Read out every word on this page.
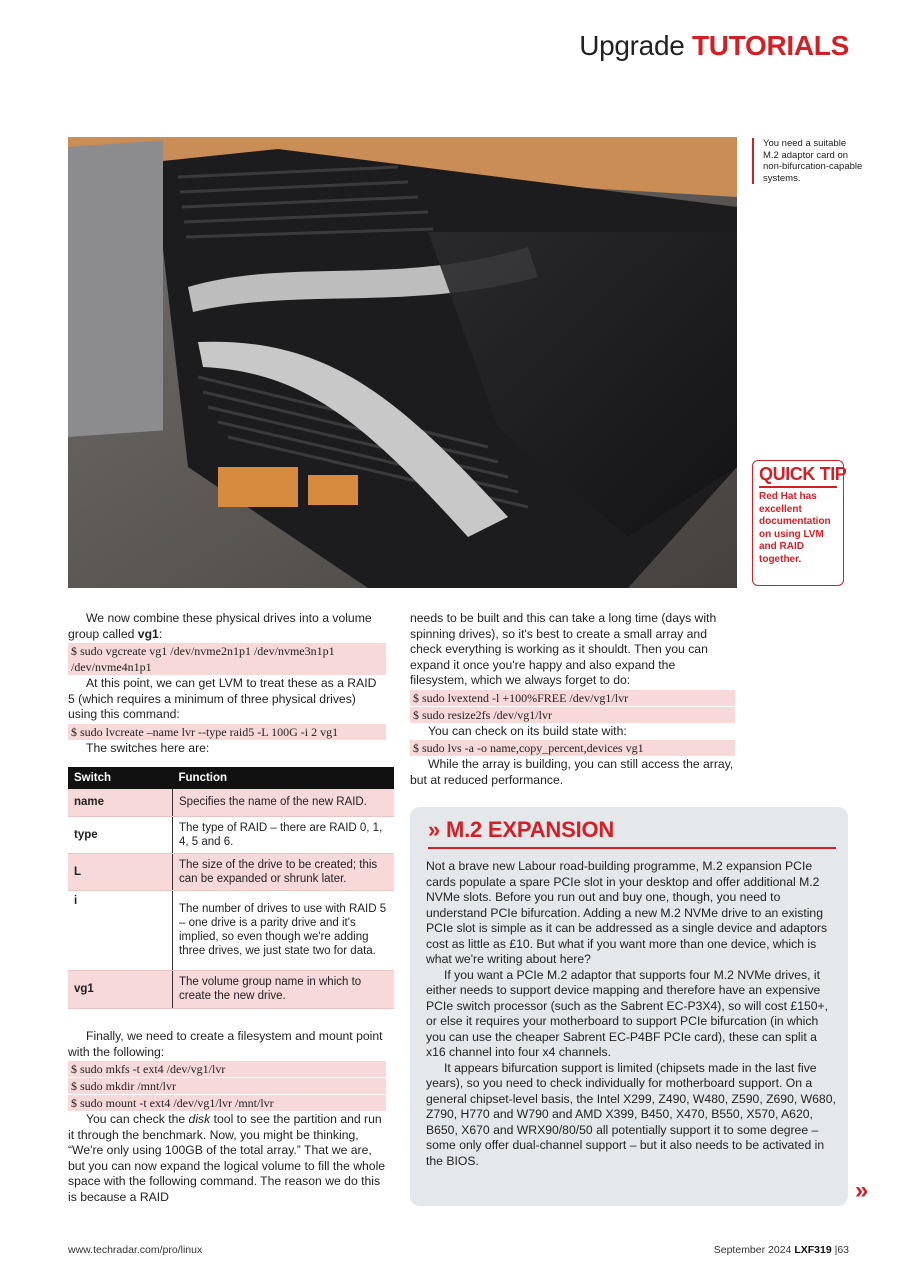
Upgrade TUTORIALS
You need a suitable M.2 adaptor card on non-bifurcation-capable systems.
QUICK TIP
Red Hat has excellent documentation on using LVM and RAID together.

We now combine these physical drives into a volume group called vg1:

$ sudo vgcreate vg1 /dev/nvme2n1p1 /dev/nvme3n1p1 /dev/nvme4n1p1

At this point, we can get LVM to treat these as a RAID 5 (which requires a minimum of three physical drives) using this command:

$ sudo lvcreate –name lvr --type raid5 -L 100G -i 2 vg1

The switches here are:

Switch	Function
name	Specifies the name of the new RAID.
type	The type of RAID – there are RAID 0, 1, 4, 5 and 6.
L	The size of the drive to be created; this can be expanded or shrunk later.
i	The number of drives to use with RAID 5 – one drive is a parity drive and it's implied, so even though we're adding three drives, we just state two for data.
vg1	The volume group name in which to create the new drive.

Finally, we need to create a filesystem and mount point with the following:

$ sudo mkfs -t ext4 /dev/vg1/lvr
$ sudo mkdir /mnt/lvr
$ sudo mount -t ext4 /dev/vg1/lvr /mnt/lvr

You can check the disk tool to see the partition and run it through the benchmark. Now, you might be thinking, “We're only using 100GB of the total array.” That we are, but you can now expand the logical volume to fill the whole space with the following command. The reason we do this is because a RAID

needs to be built and this can take a long time (days with spinning drives), so it's best to create a small array and check everything is working as it shouldt. Then you can expand it once you're happy and also expand the filesystem, which we always forget to do:

$ sudo lvextend -l +100%FREE /dev/vg1/lvr
$ sudo resize2fs /dev/vg1/lvr

You can check on its build state with:

$ sudo lvs -a -o name,copy_percent,devices vg1

While the array is building, you can still access the array, but at reduced performance.

» M.2 EXPANSION

Not a brave new Labour road-building programme, M.2 expansion PCIe cards populate a spare PCIe slot in your desktop and offer additional M.2 NVMe slots. Before you run out and buy one, though, you need to understand PCIe bifurcation. Adding a new M.2 NVMe drive to an existing PCIe slot is simple as it can be addressed as a single device and adaptors cost as little as £10. But what if you want more than one device, which is what we're writing about here?

If you want a PCIe M.2 adaptor that supports four M.2 NVMe drives, it either needs to support device mapping and therefore have an expensive PCIe switch processor (such as the Sabrent EC-P3X4), so will cost £150+, or else it requires your motherboard to support PCIe bifurcation (in which you can use the cheaper Sabrent EC-P4BF PCIe card), these can split a x16 channel into four x4 channels.

It appears bifurcation support is limited (chipsets made in the last five years), so you need to check individually for motherboard support. On a general chipset-level basis, the Intel X299, Z490, W480, Z590, Z690, W680, Z790, H770 and W790 and AMD X399, B450, X470, B550, X570, A620, B650, X670 and WRX90/80/50 all potentially support it to some degree – some only offer dual-channel support – but it also needs to be activated in the BIOS.

»
www.techradar.com/pro/linux	September 2024 LXF319 |63
